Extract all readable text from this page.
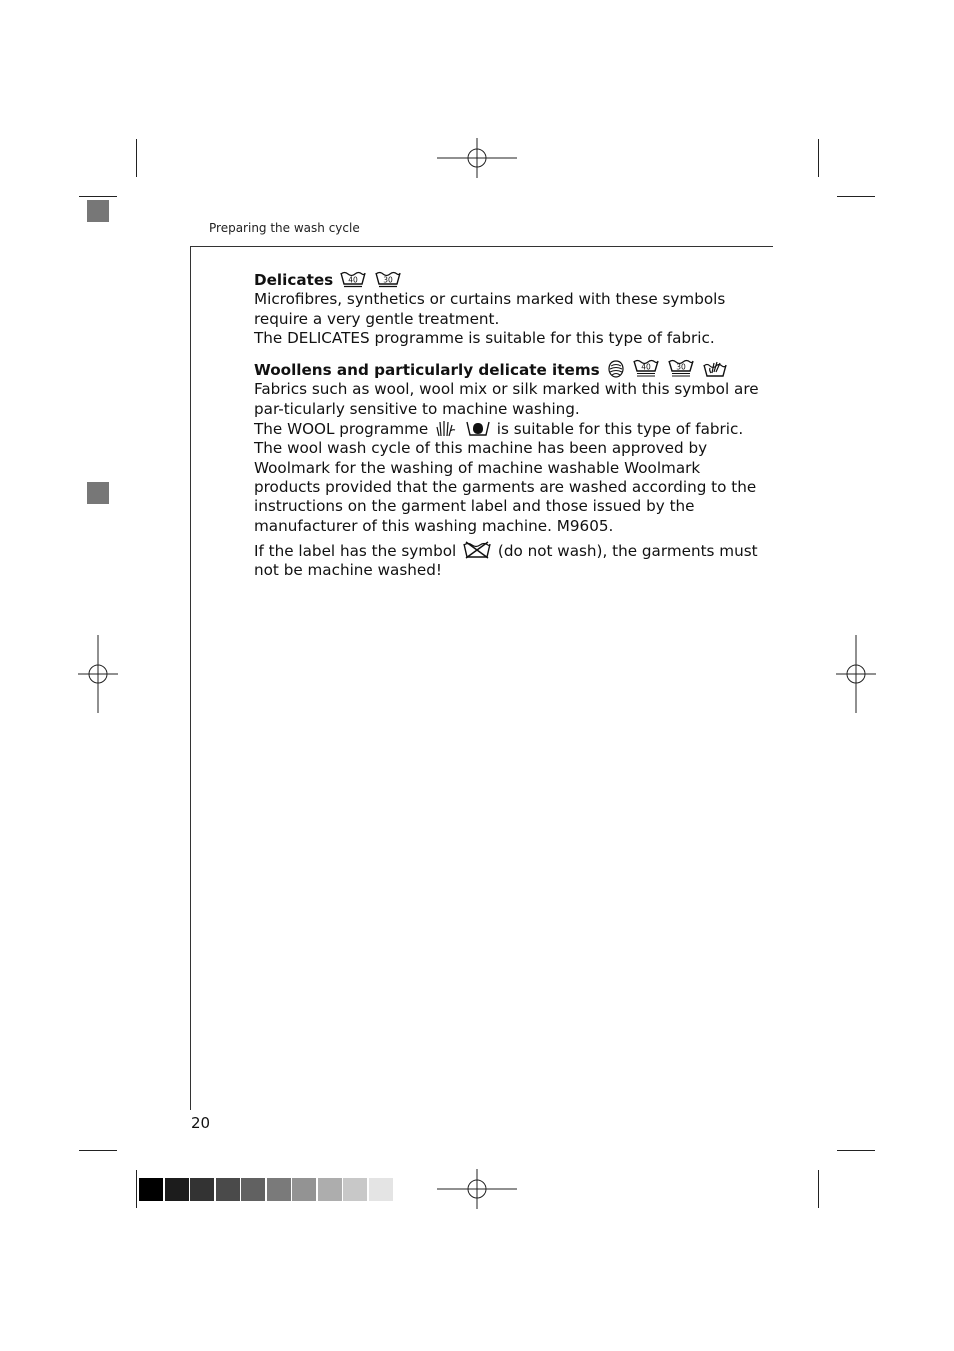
Preparing the wash cycle

Delicates 40
	30

Microfibres, synthetics or curtains marked with these symbols require a very gentle treatment.

The DELICATES programme is suitable for this type of fabric.

Woollens and particularly delicate items	40
	30

Fabrics such as wool, wool mix or silk marked with this symbol are par-ticularly sensitive to machine washing.

The WOOL programme	is suitable for this type of fabric.

The wool wash cycle of this machine has been approved by Woolmark for the washing of machine washable Woolmark products provided that the garments are washed according to the instructions on the garment label and those issued by the manufacturer of this washing machine. M9605.

If the label has the symbol	(do not wash), the garments must not be machine washed!

20
